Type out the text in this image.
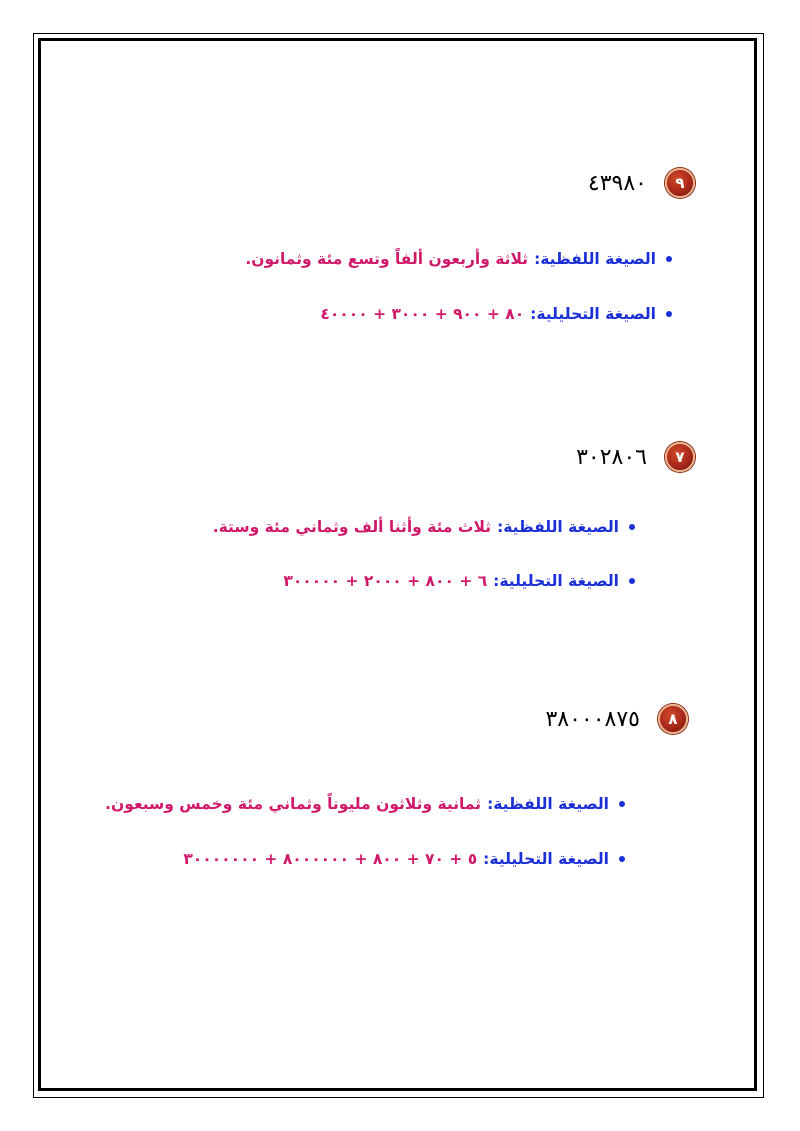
٩
٤٣٩٨٠
الصيغة اللفظية:
ثلاثة وأربعون ألفاً وتسع مئة وثمانون.
الصيغة التحليلية:
٨٠ + ٩٠٠ + ٣٠٠٠ + ٤٠٠٠٠
٧
٣٠٢٨٠٦
الصيغة اللفظية:
ثلاث مئة وأثنا ألف وثماني مئة وستة.
الصيغة التحليلية:
٦ + ٨٠٠ + ٢٠٠٠ + ٣٠٠٠٠٠
٨
٣٨٠٠٠٨٧٥
الصيغة اللفظية:
ثمانية وثلاثون مليوناً وثماني مئة وخمس وسبعون.
الصيغة التحليلية:
٥ + ٧٠ + ٨٠٠ + ٨٠٠٠٠٠٠ + ٣٠٠٠٠٠٠٠
